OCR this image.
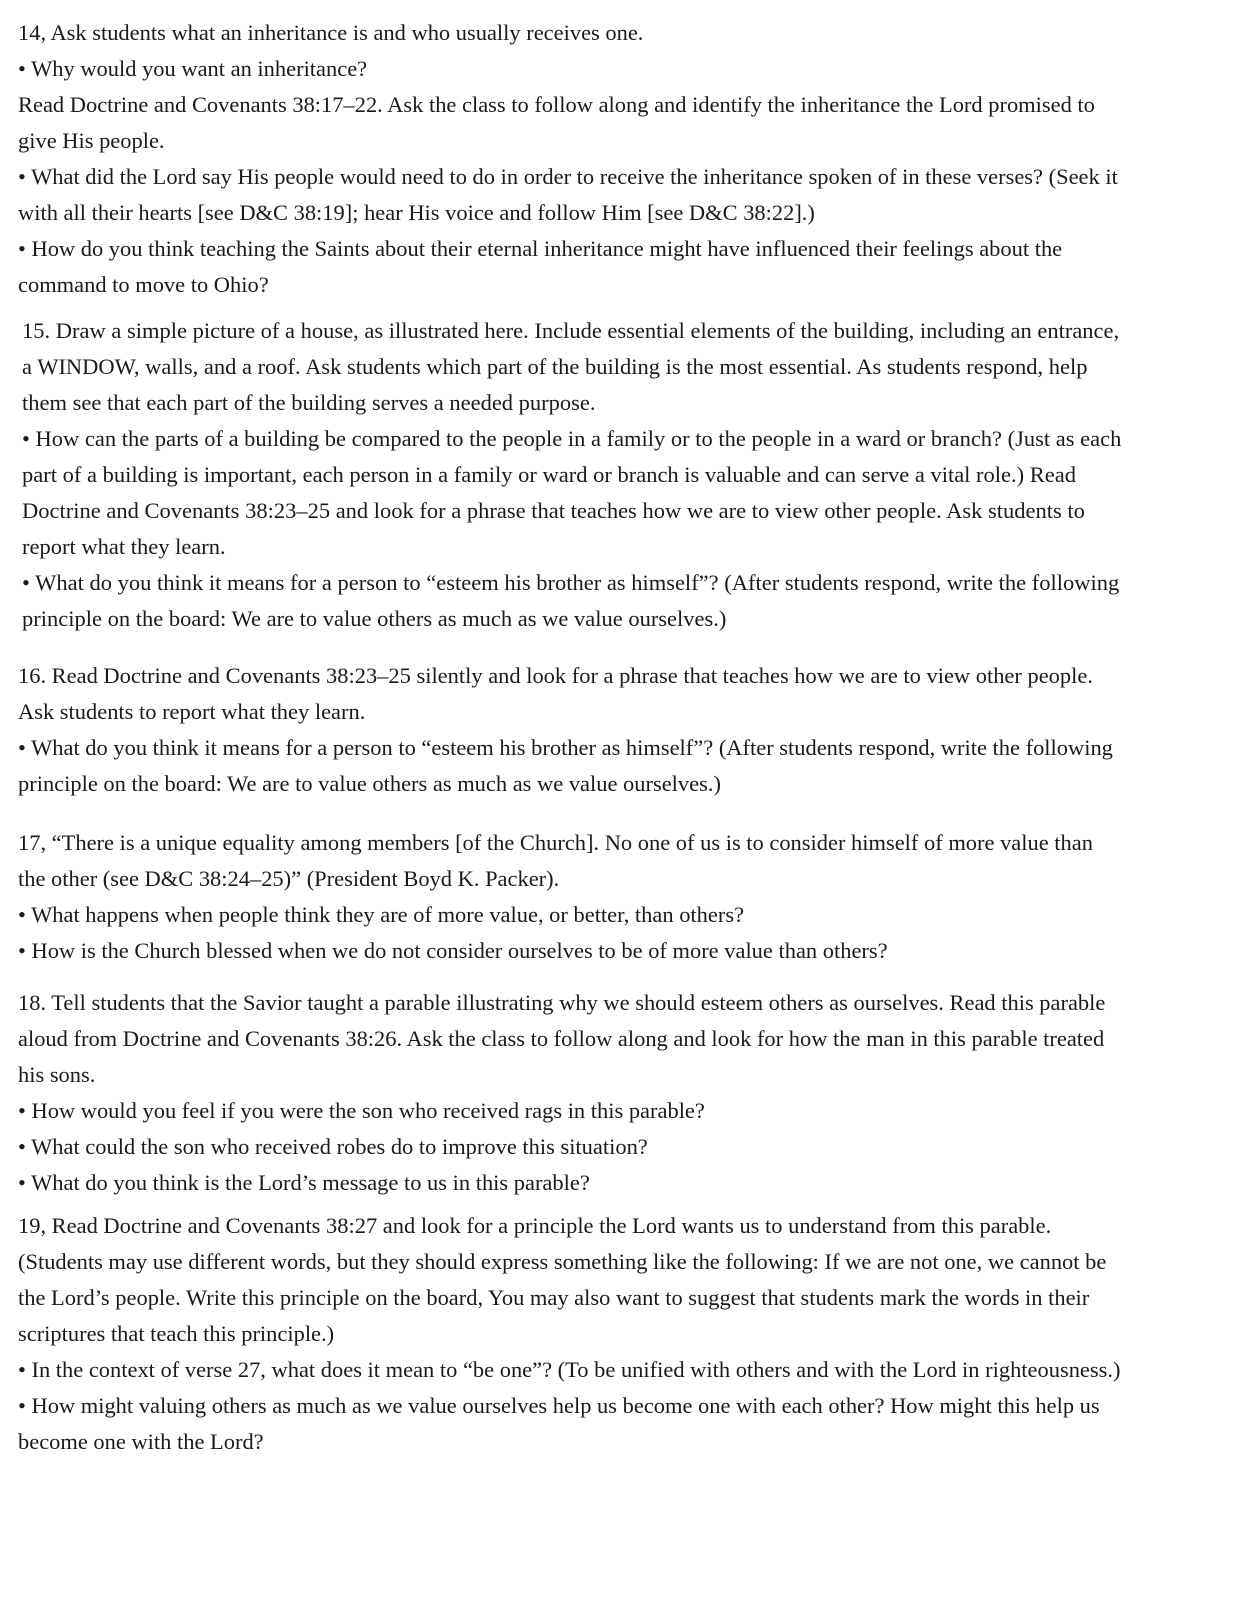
14, Ask students what an inheritance is and who usually receives one.
• Why would you want an inheritance?
Read Doctrine and Covenants 38:17–22. Ask the class to follow along and identify the inheritance the Lord promised to
give His people.
• What did the Lord say His people would need to do in order to receive the inheritance spoken of in these verses? (Seek it
with all their hearts [see D&C 38:19]; hear His voice and follow Him [see D&C 38:22].)
• How do you think teaching the Saints about their eternal inheritance might have influenced their feelings about the
command to move to Ohio?
15. Draw a simple picture of a house, as illustrated here. Include essential elements of the building, including an entrance,
a WINDOW, walls, and a roof. Ask students which part of the building is the most essential. As students respond, help
them see that each part of the building serves a needed purpose.
• How can the parts of a building be compared to the people in a family or to the people in a ward or branch? (Just as each
part of a building is important, each person in a family or ward or branch is valuable and can serve a vital role.) Read
Doctrine and Covenants 38:23–25 and look for a phrase that teaches how we are to view other people. Ask students to
report what they learn.
• What do you think it means for a person to “esteem his brother as himself”? (After students respond, write the following
principle on the board: We are to value others as much as we value ourselves.)
16. Read Doctrine and Covenants 38:23–25 silently and look for a phrase that teaches how we are to view other people.
Ask students to report what they learn.
• What do you think it means for a person to “esteem his brother as himself”? (After students respond, write the following
principle on the board: We are to value others as much as we value ourselves.)
17, “There is a unique equality among members [of the Church]. No one of us is to consider himself of more value than
the other (see D&C 38:24–25)” (President Boyd K. Packer).
• What happens when people think they are of more value, or better, than others?
• How is the Church blessed when we do not consider ourselves to be of more value than others?
18. Tell students that the Savior taught a parable illustrating why we should esteem others as ourselves. Read this parable
aloud from Doctrine and Covenants 38:26. Ask the class to follow along and look for how the man in this parable treated
his sons.
• How would you feel if you were the son who received rags in this parable?
• What could the son who received robes do to improve this situation?
• What do you think is the Lord’s message to us in this parable?
19, Read Doctrine and Covenants 38:27 and look for a principle the Lord wants us to understand from this parable.
(Students may use different words, but they should express something like the following: If we are not one, we cannot be
the Lord’s people. Write this principle on the board, You may also want to suggest that students mark the words in their
scriptures that teach this principle.)
• In the context of verse 27, what does it mean to “be one”? (To be unified with others and with the Lord in righteousness.)
• How might valuing others as much as we value ourselves help us become one with each other? How might this help us
become one with the Lord?
